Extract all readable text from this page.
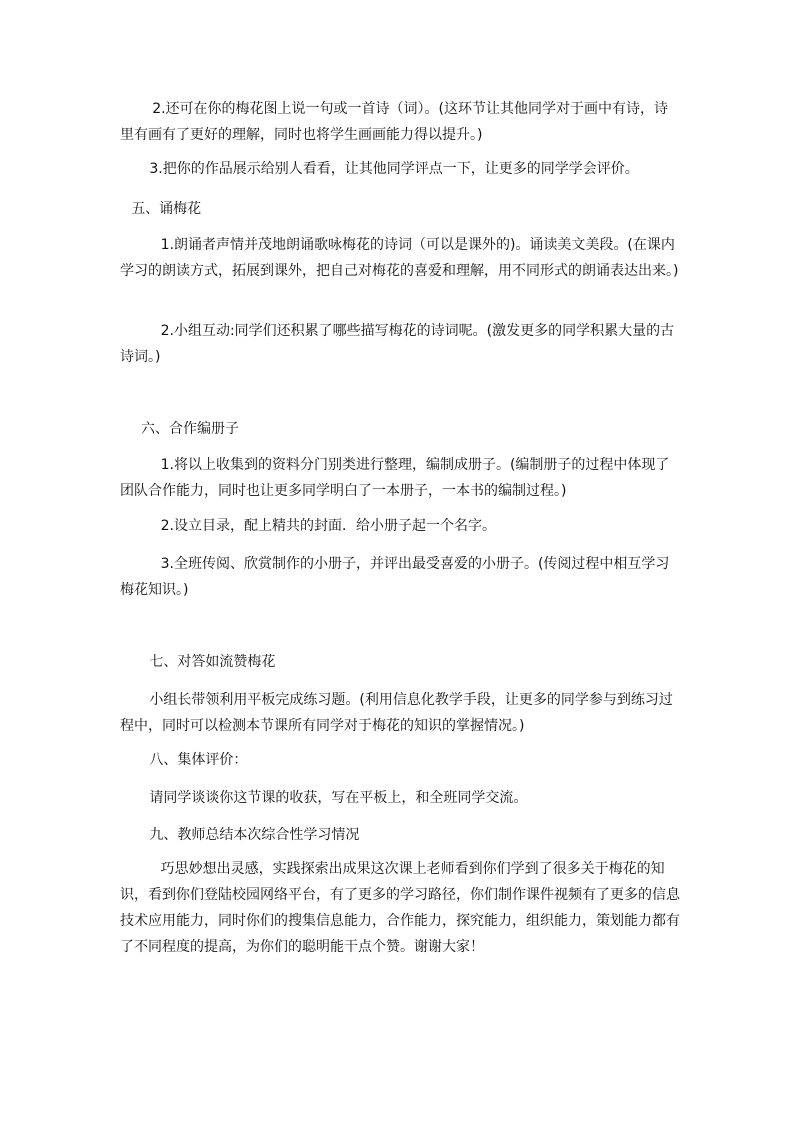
2.还可在你的梅花图上说一句或一首诗（词）。(这环节让其他同学对于画中有诗，诗里有画有了更好的理解，同时也将学生画画能力得以提升。)

3.把你的作品展示给别人看看，让其他同学评点一下，让更多的同学学会评价。

五、诵梅花

1.朗诵者声情并茂地朗诵歌咏梅花的诗词（可以是课外的)。诵读美文美段。(在课内学习的朗读方式，拓展到课外，把自己对梅花的喜爱和理解，用不同形式的朗诵表达出来。)

2.小组互动:同学们还积累了哪些描写梅花的诗词呢。(激发更多的同学积累大量的古诗词。)

六、合作编册子

1.将以上收集到的资料分门别类进行整理，编制成册子。(编制册子的过程中体现了团队合作能力，同时也让更多同学明白了一本册子，一本书的编制过程。)

2.设立目录，配上精共的封面．给小册子起一个名字。

3.全班传阅、欣赏制作的小册子，并评出最受喜爱的小册子。(传阅过程中相互学习梅花知识。)

七、对答如流赞梅花

小组长带领利用平板完成练习题。(利用信息化教学手段，让更多的同学参与到练习过程中，同时可以检测本节课所有同学对于梅花的知识的掌握情况。)

八、集体评价：

请同学谈谈你这节课的收获，写在平板上，和全班同学交流。

九、教师总结本次综合性学习情况

巧思妙想出灵感，实践探索出成果这次课上老师看到你们学到了很多关于梅花的知识，看到你们登陆校园网络平台，有了更多的学习路径，你们制作课件视频有了更多的信息技术应用能力，同时你们的搜集信息能力，合作能力，探究能力，组织能力，策划能力都有了不同程度的提高，为你们的聪明能干点个赞。谢谢大家！
